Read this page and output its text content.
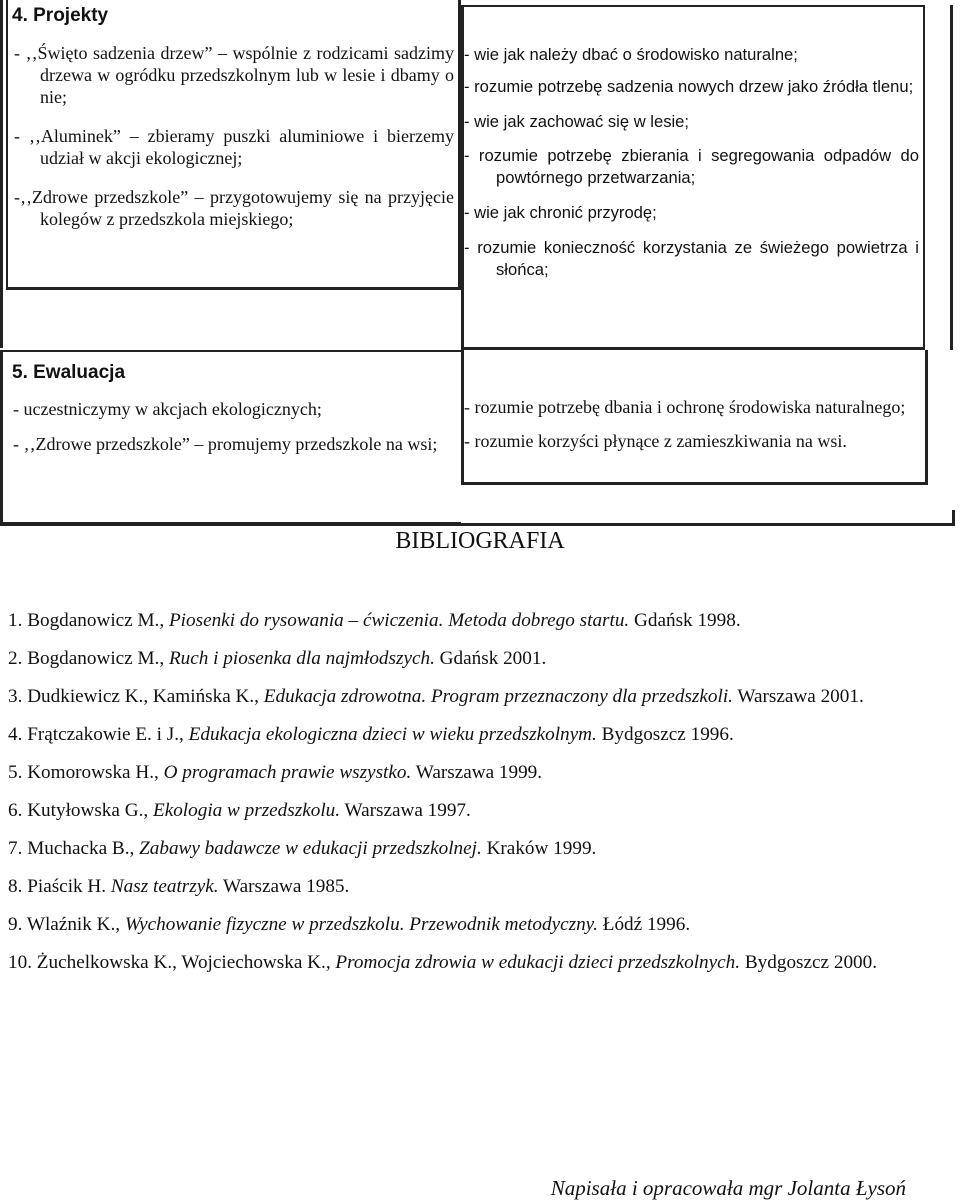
4. Projekty

- ‚‚Święto sadzenia drzew” – wspólnie z rodzicami sadzimy drzewa w ogródku przedszkolnym lub w lesie i dbamy o nie;

- ‚‚Aluminek” – zbieramy puszki aluminiowe i bierzemy udział w akcji ekologicznej;

-‚‚Zdrowe przedszkole” – przygotowujemy się na przyjęcie kolegów z przedszkola miejskiego;

- wie jak należy dbać o środowisko naturalne;

- rozumie potrzebę sadzenia nowych drzew jako źródła tlenu;

- wie jak zachować się w lesie;

- rozumie potrzebę zbierania i segregowania odpadów do powtórnego przetwarzania;

- wie jak chronić przyrodę;

- rozumie konieczność korzystania ze świeżego powietrza i słońca;

5. Ewaluacja

- uczestniczymy w akcjach ekologicznych;

- ‚‚Zdrowe przedszkole” – promujemy przedszkole na wsi;

- rozumie potrzebę dbania i ochronę środowiska naturalnego;

- rozumie korzyści płynące z zamieszkiwania na wsi.

BIBLIOGRAFIA

1. Bogdanowicz M., Piosenki do rysowania – ćwiczenia. Metoda dobrego startu. Gdańsk 1998.

2. Bogdanowicz M., Ruch i piosenka dla najmłodszych. Gdańsk 2001.

3. Dudkiewicz K., Kamińska K., Edukacja zdrowotna. Program przeznaczony dla przedszkoli. Warszawa 2001.

4. Frątczakowie E. i J., Edukacja ekologiczna dzieci w wieku przedszkolnym. Bydgoszcz 1996.

5. Komorowska H., O programach prawie wszystko. Warszawa 1999.

6. Kutyłowska G., Ekologia w przedszkolu. Warszawa 1997.

7. Muchacka B., Zabawy badawcze w edukacji przedszkolnej. Kraków 1999.

8. Piaścik H. Nasz teatrzyk. Warszawa 1985.

9. Wlaźnik K., Wychowanie fizyczne w przedszkolu. Przewodnik metodyczny. Łódź 1996.

10. Żuchelkowska K., Wojciechowska K., Promocja zdrowia w edukacji dzieci przedszkolnych. Bydgoszcz 2000.

Napisała i opracowała mgr Jolanta Łysoń
